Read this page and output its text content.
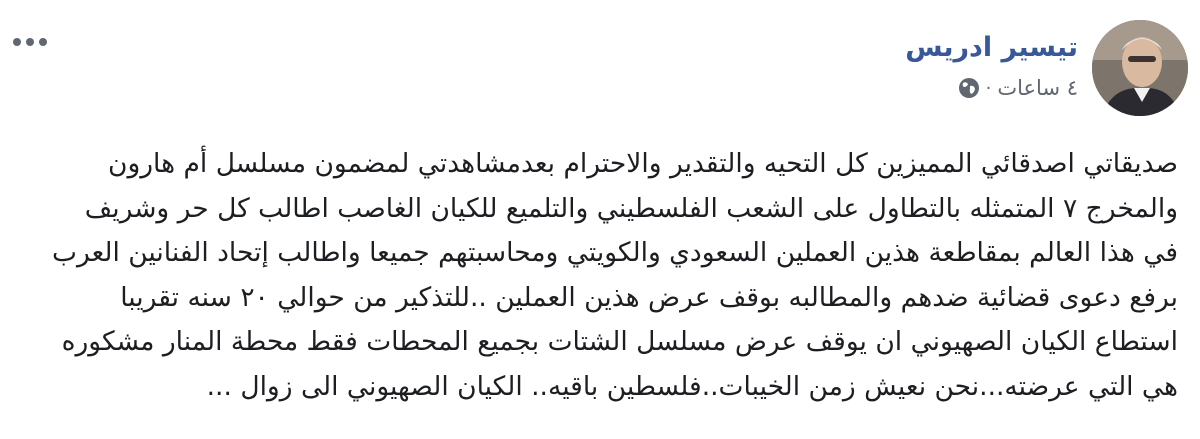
تيسير ادريس
٤ ساعات
·
صديقاتي اصدقائي المميزين كل التحيه والتقدير والاحترام بعدمشاهدتي لمضمون مسلسل أم هارون
والمخرج ٧ المتمثله بالتطاول على الشعب الفلسطيني والتلميع للكيان الغاصب اطالب كل حر وشريف
في هذا العالم بمقاطعة هذين العملين السعودي والكويتي ومحاسبتهم جميعا واطالب إتحاد الفنانين العرب
برفع دعوى قضائية ضدهم والمطالبه بوقف عرض هذين العملين ..للتذكير من حوالي ٢٠ سنه تقريبا
استطاع الكيان الصهيوني ان يوقف عرض مسلسل الشتات بجميع المحطات فقط محطة المنار مشكوره
هي التي عرضته...نحن نعيش زمن الخيبات..فلسطين باقيه.. الكيان الصهيوني الى زوال ...
